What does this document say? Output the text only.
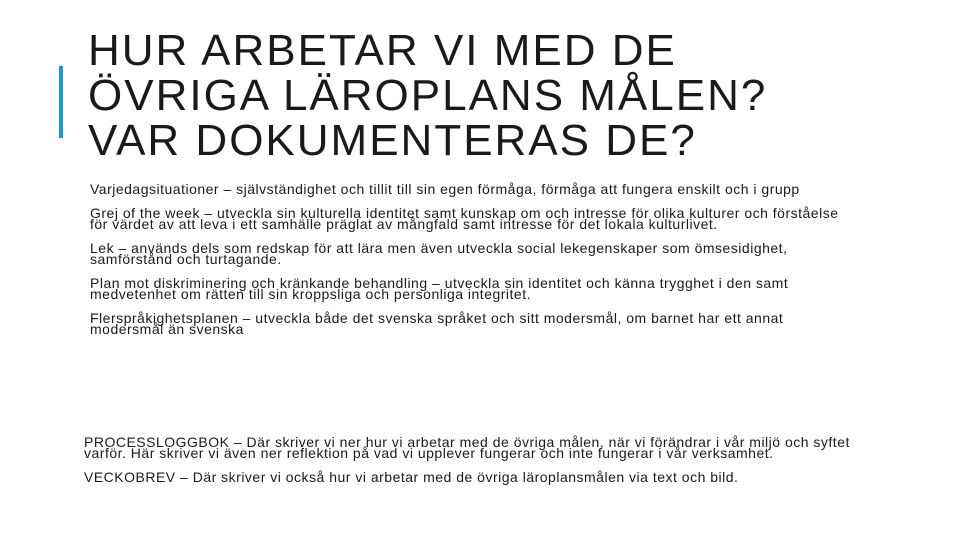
HUR ARBETAR VI MED DE
ÖVRIGA LÄROPLANS MÅLEN?
VAR DOKUMENTERAS DE?
Varjedagsituationer – självständighet och tillit till sin egen förmåga, förmåga att fungera enskilt och i grupp
Grej of the week – utveckla sin kulturella identitet samt kunskap om och intresse för olika kulturer och förståelse för värdet av att leva i ett samhälle präglat av mångfald samt intresse för det lokala kulturlivet.
Lek – används dels som redskap för att lära men även utveckla social lekegenskaper som ömsesidighet, samförstånd och turtagande.
Plan mot diskriminering och kränkande behandling – utveckla sin identitet och känna trygghet i den samt medvetenhet om rätten till sin kroppsliga och personliga integritet.
Flerspråkighetsplanen – utveckla både det svenska språket och sitt modersmål, om barnet har ett annat modersmål än svenska
PROCESSLOGGBOK – Där skriver vi ner hur vi arbetar med de övriga målen, när vi förändrar i vår miljö och syftet varför. Här skriver vi även ner reflektion på vad vi upplever fungerar och inte fungerar i vår verksamhet.
VECKOBREV – Där skriver vi också hur vi arbetar med de övriga läroplansmålen via text och bild.
